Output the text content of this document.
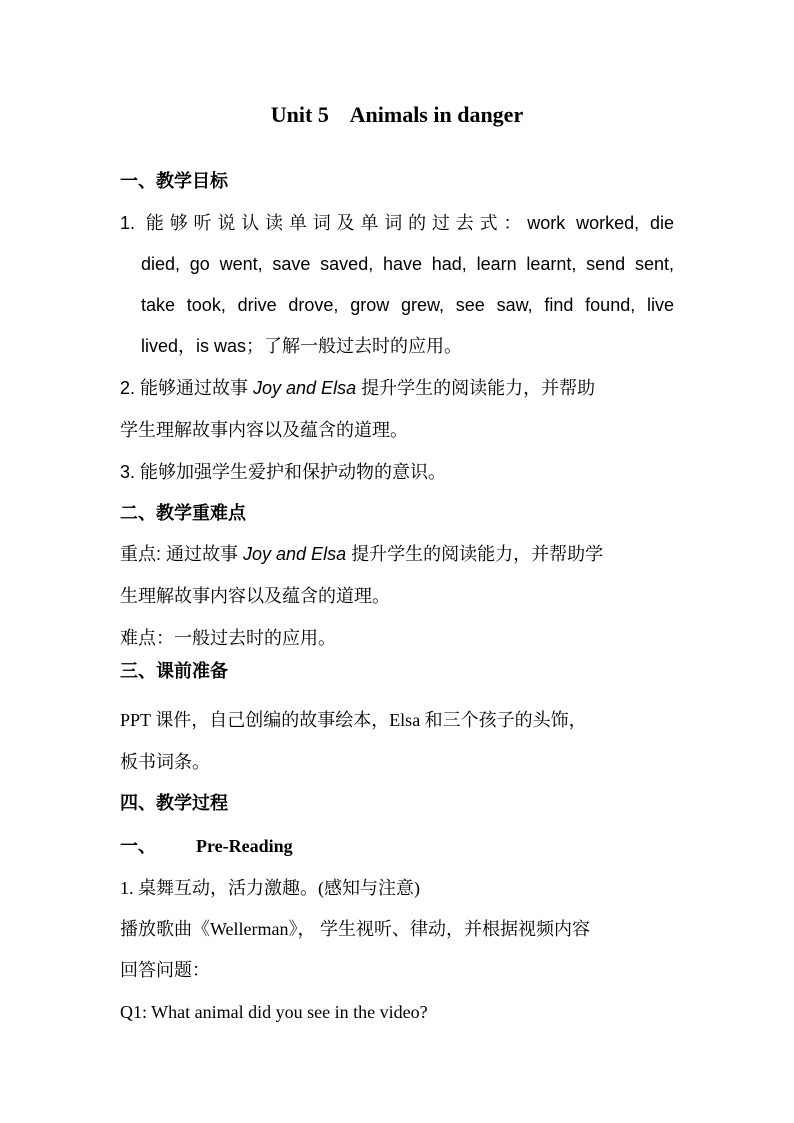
Unit 5    Animals in danger
一、教学目标
1. 能够听说认读单词及单词的过去式：work worked, die
died, go went, save saved, have had, learn learnt, send sent,
take took, drive drove, grow grew, see saw, find found, live
lived，is was；了解一般过去时的应用。
2. 能够通过故事 Joy and Elsa 提升学生的阅读能力，并帮助
学生理解故事内容以及蕴含的道理。
3. 能够加强学生爱护和保护动物的意识。
二、教学重难点
重点: 通过故事 Joy and Elsa 提升学生的阅读能力，并帮助学
生理解故事内容以及蕴含的道理。
难点：一般过去时的应用。
三、课前准备
PPT 课件，自己创编的故事绘本，Elsa 和三个孩子的头饰，
板书词条。
四、教学过程
一、 Pre-Reading
1. 桌舞互动，活力激趣。(感知与注意)
播放歌曲《Wellerman》， 学生视听、律动，并根据视频内容
回答问题：
Q1: What animal did you see in the video?
